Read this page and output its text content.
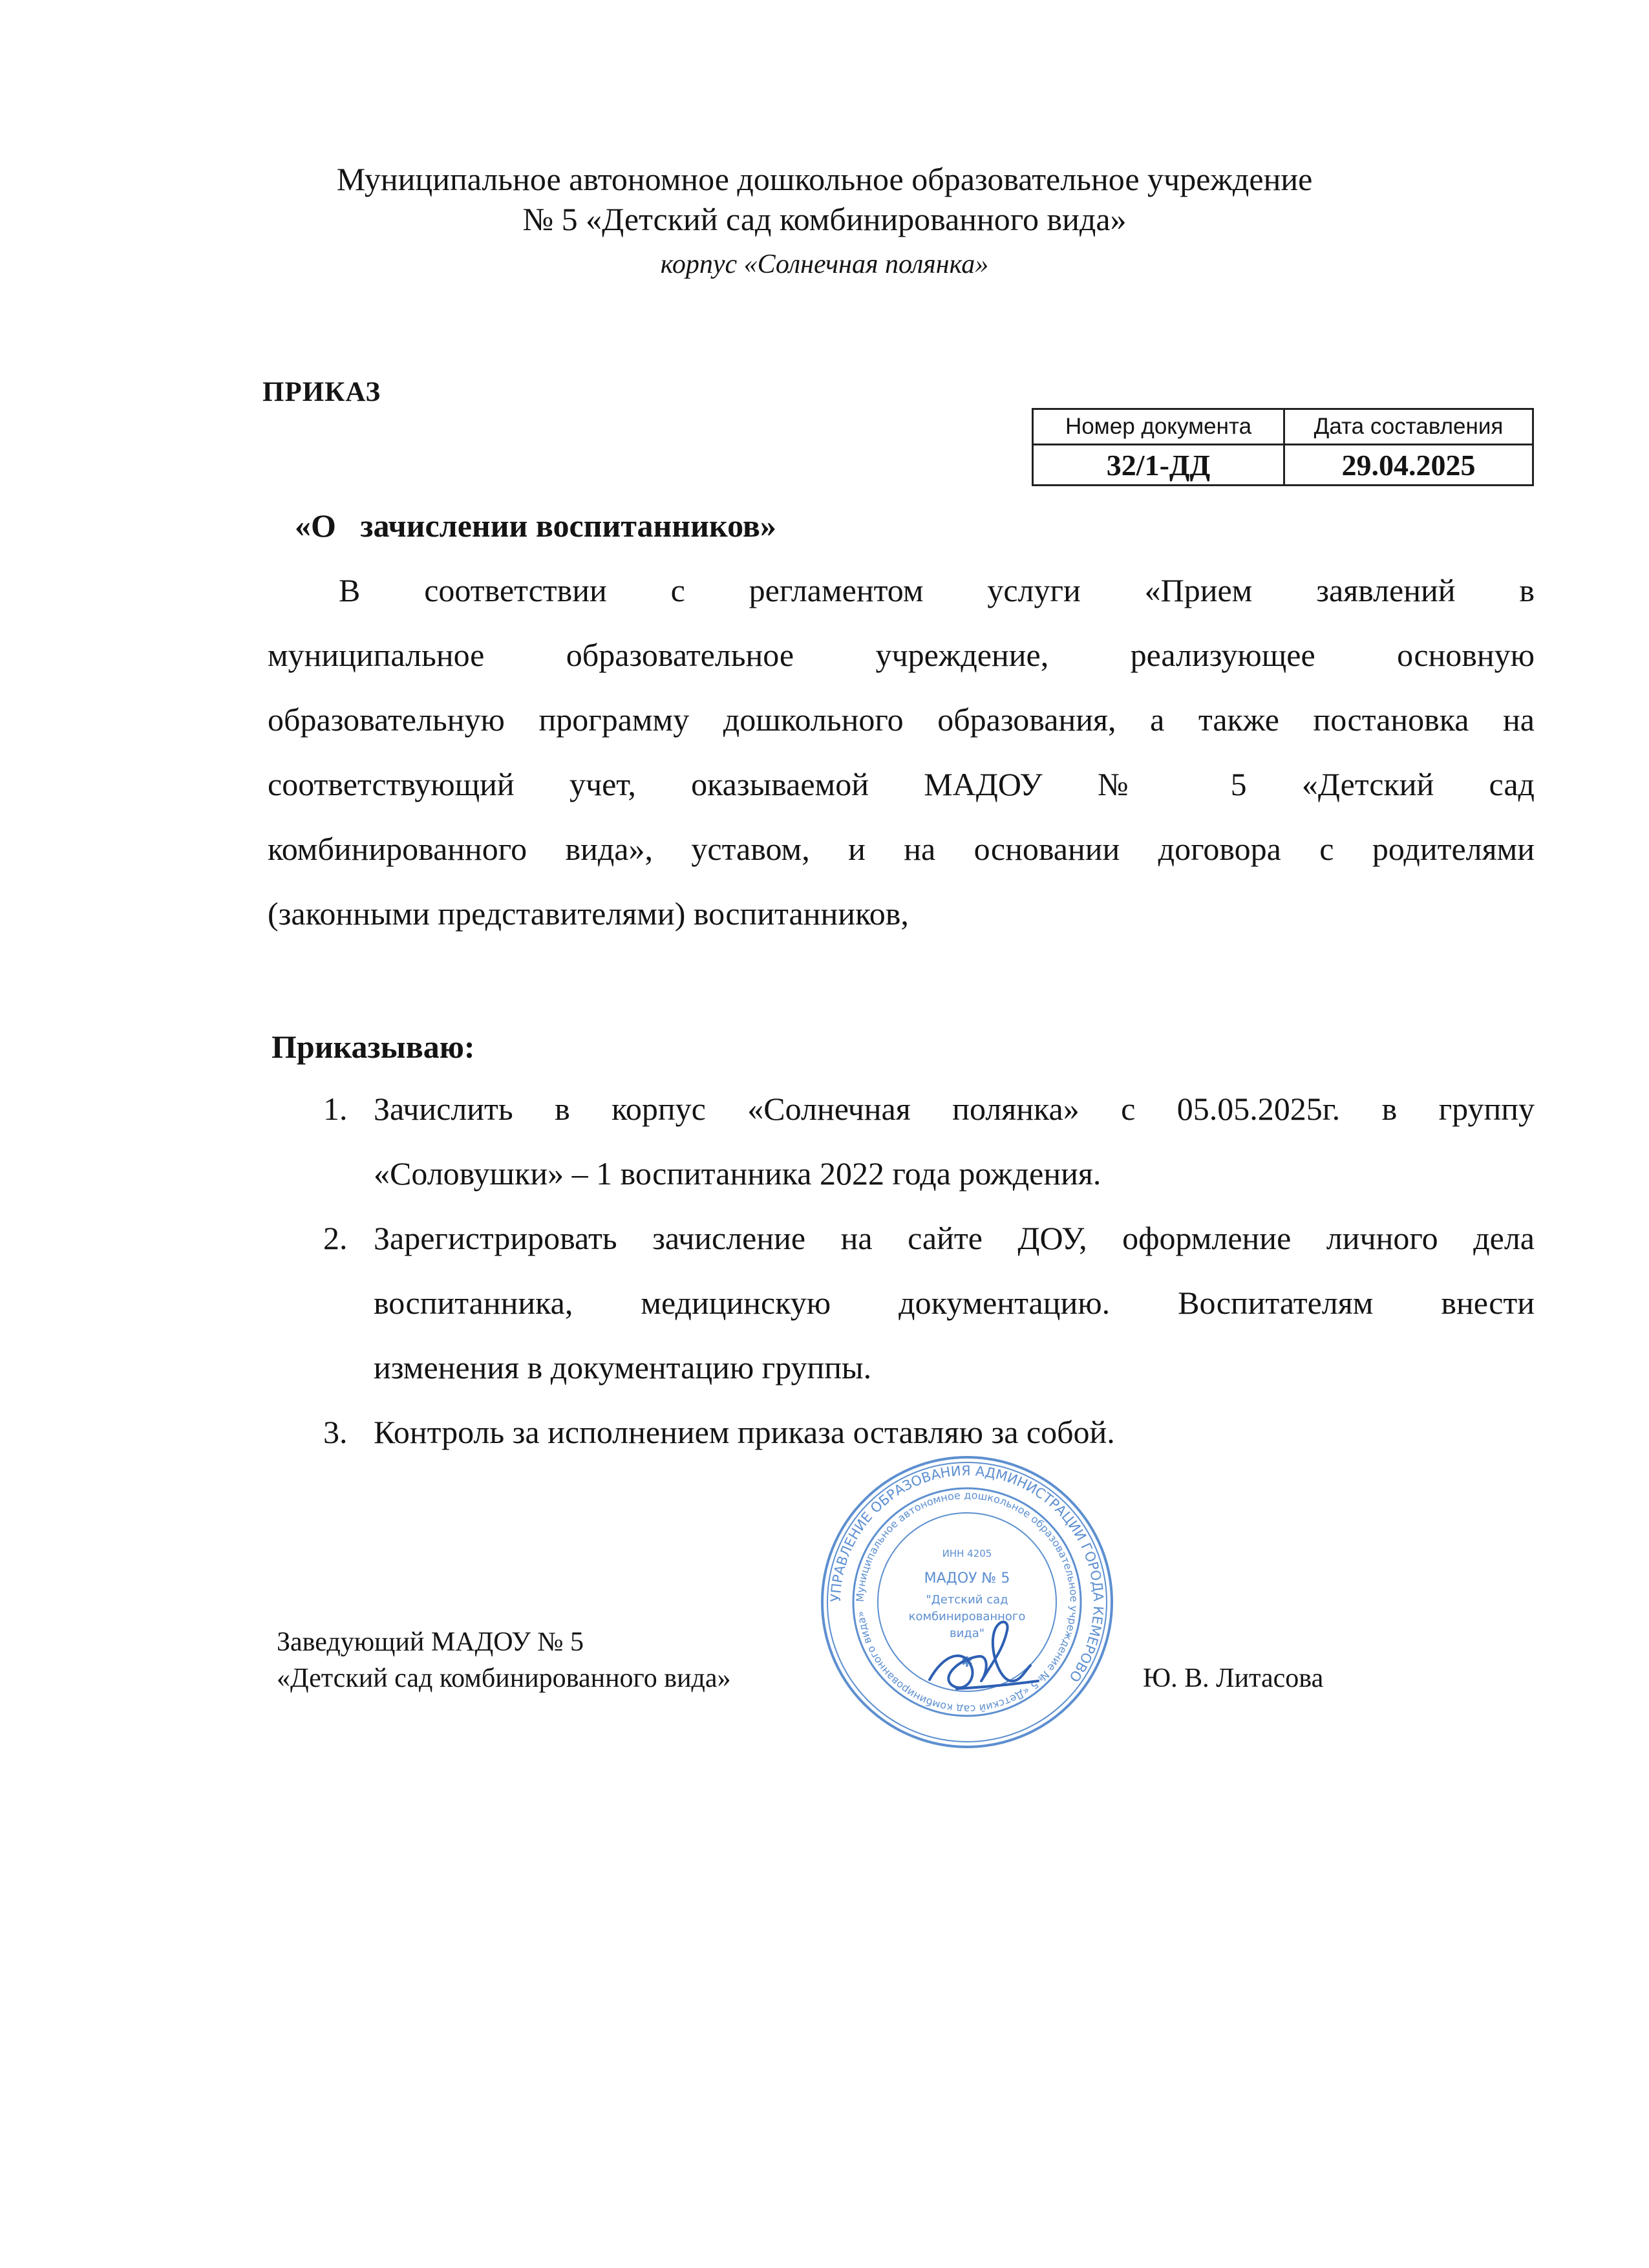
Муниципальное автономное дошкольное образовательное учреждение
№ 5 «Детский сад комбинированного вида»
корпус «Солнечная полянка»
ПРИКАЗ
Номер документа	Дата составления
32/1-ДД	29.04.2025
«О   зачислении воспитанников»
В соответствии с регламентом услуги «Прием заявлений в
муниципальное образовательное учреждение, реализующее основную
образовательную программу дошкольного образования, а также постановка на
соответствующий учет, оказываемой МАДОУ № 5 «Детский сад
комбинированного вида», уставом, и на основании договора с родителями
(законными представителями) воспитанников,
Приказываю:
1. Зачислить в корпус «Солнечная полянка» с 05.05.2025г. в группу
«Соловушки» – 1 воспитанника 2022 года рождения.
2. Зарегистрировать зачисление на сайте ДОУ, оформление личного дела
воспитанника, медицинскую документацию. Воспитателям внести
изменения в документацию группы.
3. Контроль за исполнением приказа оставляю за собой.
УПРАВЛЕНИЕ ОБРАЗОВАНИЯ АДМИНИСТРАЦИИ ГОРОДА КЕМЕРОВО
Муниципальное автономное дошкольное образовательное учреждение № 5 «Детский сад комбинированного вида»
ИНН 4205
МАДОУ № 5
"Детский сад
комбинированного
вида"
✱
Заведующий МАДОУ № 5
«Детский сад комбинированного вида»	Ю. В. Литасова
